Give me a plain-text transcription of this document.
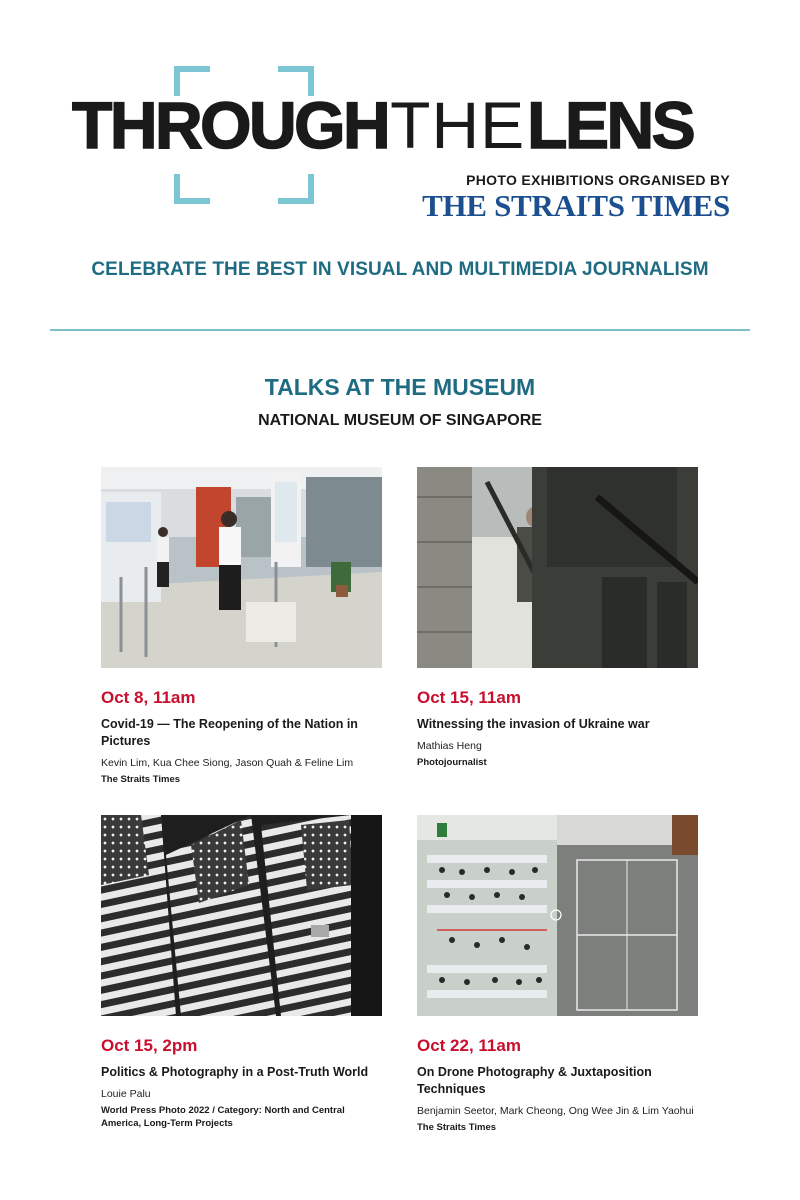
THROUGHTHELENS
PHOTO EXHIBITIONS ORGANISED BY
THE STRAITS TIMES
CELEBRATE THE BEST IN VISUAL AND MULTIMEDIA JOURNALISM
TALKS AT THE MUSEUM
NATIONAL MUSEUM OF SINGAPORE
Oct 8, 11am
Covid-19 — The Reopening of the Nation in Pictures
Kevin Lim, Kua Chee Siong, Jason Quah & Feline Lim
The Straits Times
Oct 15, 11am
Witnessing the invasion of Ukraine war
Mathias Heng
Photojournalist
Oct 15, 2pm
Politics & Photography in a Post-Truth World
Louie Palu
World Press Photo 2022 / Category: North and Central America, Long-Term Projects
Oct 22, 11am
On Drone Photography & Juxtaposition Techniques
Benjamin Seetor, Mark Cheong, Ong Wee Jin & Lim Yaohui
The Straits Times
